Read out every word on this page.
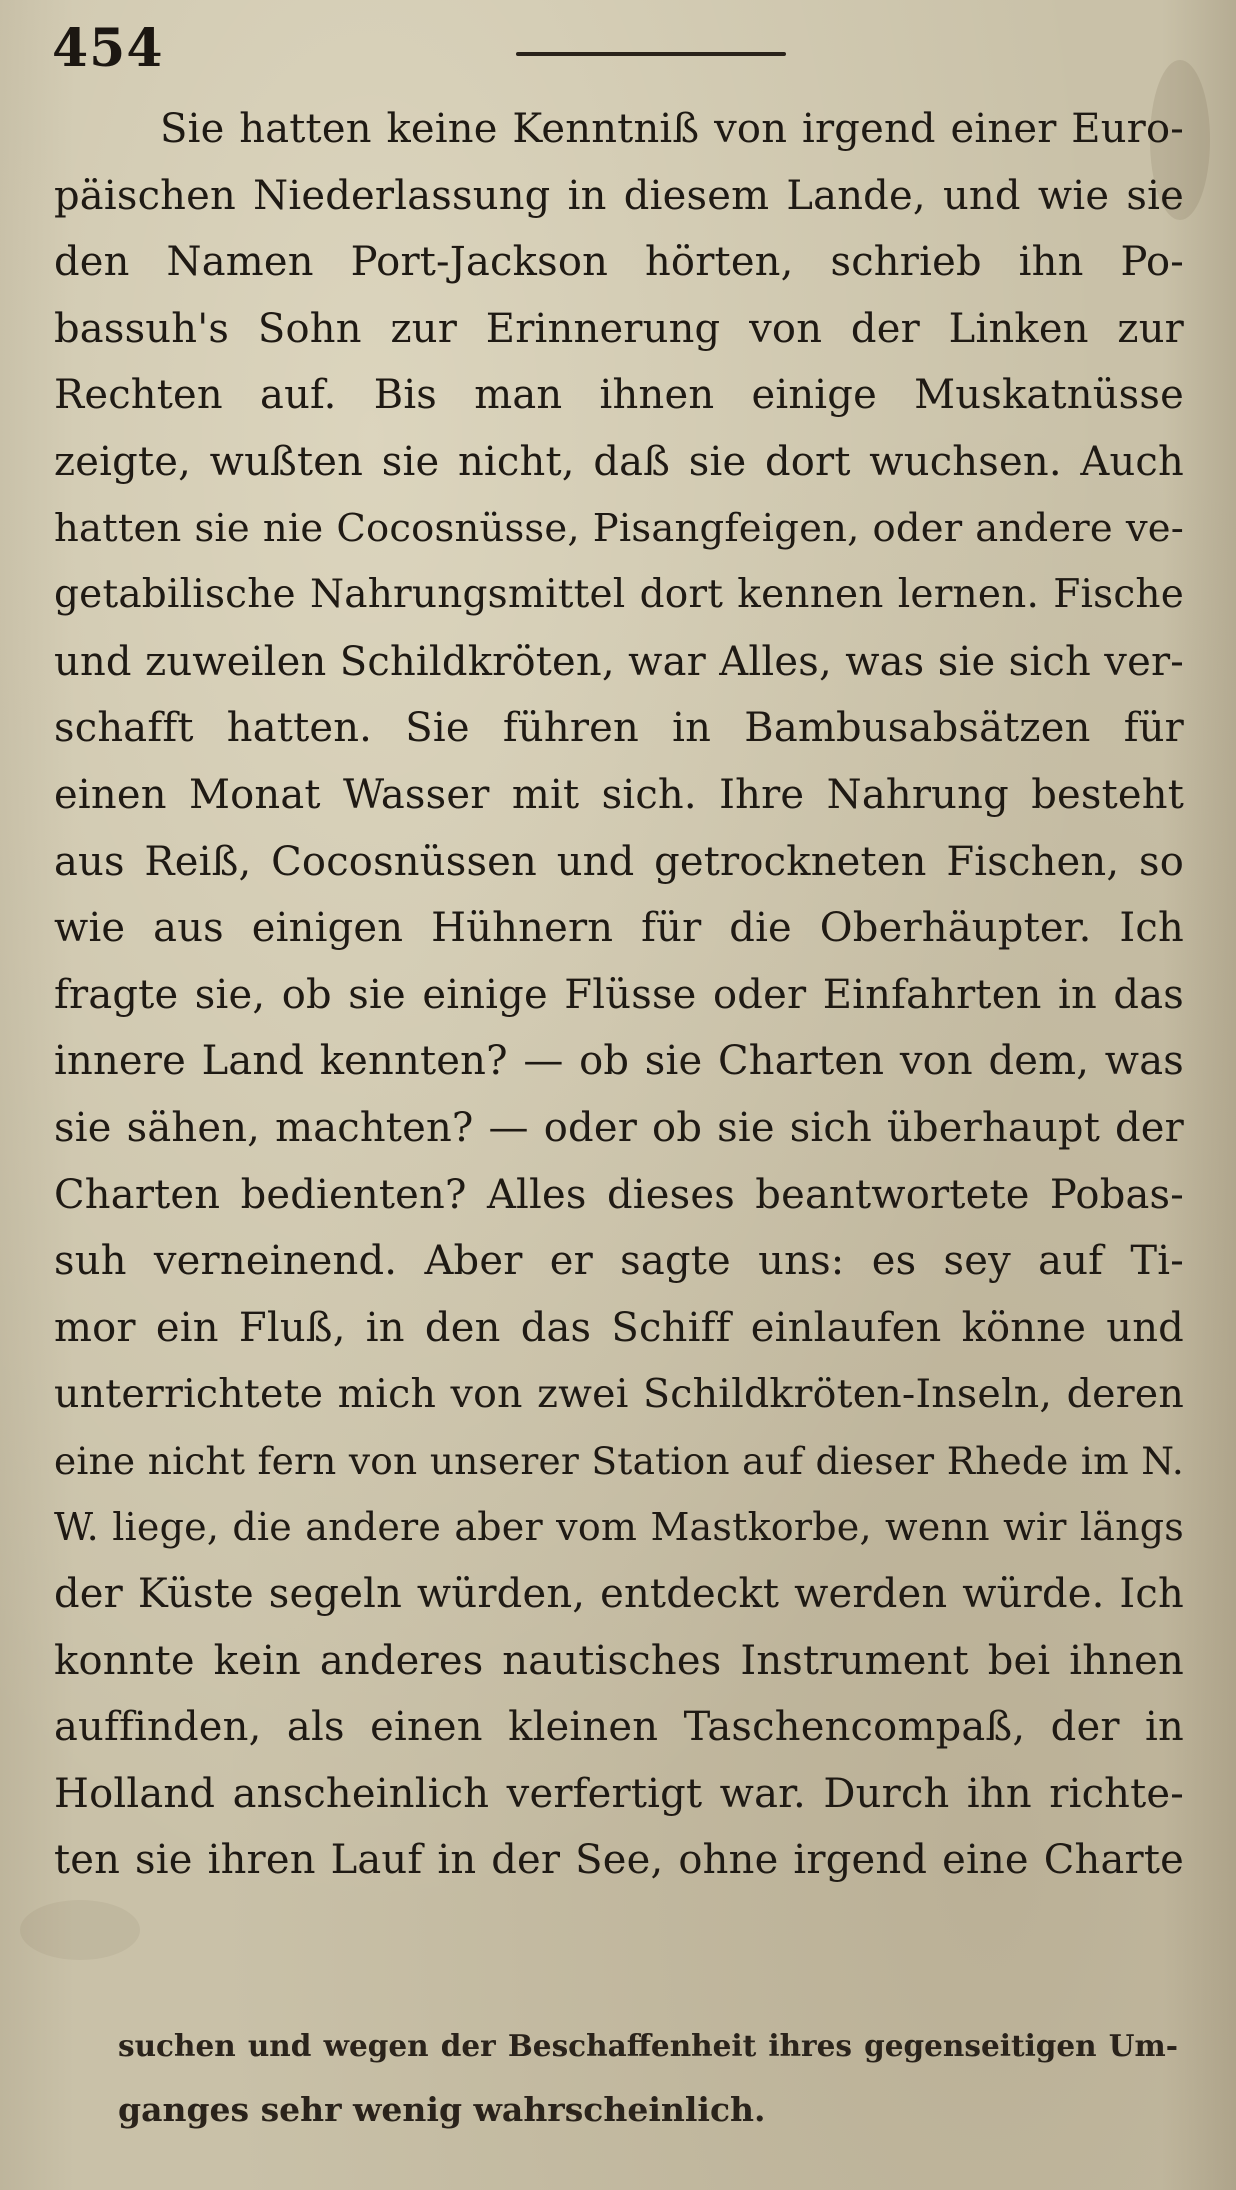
454
Sie hatten keine Kenntniß von irgend einer Euro-
päischen Niederlassung in diesem Lande, und wie sie
den Namen Port-Jackson hörten, schrieb ihn Po-
bassuh's Sohn zur Erinnerung von der Linken zur
Rechten auf. Bis man ihnen einige Muskatnüsse
zeigte, wußten sie nicht, daß sie dort wuchsen. Auch
hatten sie nie Cocosnüsse, Pisangfeigen, oder andere ve-
getabilische Nahrungsmittel dort kennen lernen. Fische
und zuweilen Schildkröten, war Alles, was sie sich ver-
schafft hatten. Sie führen in Bambusabsätzen für
einen Monat Wasser mit sich. Ihre Nahrung besteht
aus Reiß, Cocosnüssen und getrockneten Fischen, so
wie aus einigen Hühnern für die Oberhäupter. Ich
fragte sie, ob sie einige Flüsse oder Einfahrten in das
innere Land kennten? — ob sie Charten von dem, was
sie sähen, machten? — oder ob sie sich überhaupt der
Charten bedienten? Alles dieses beantwortete Pobas-
suh verneinend. Aber er sagte uns: es sey auf Ti-
mor ein Fluß, in den das Schiff einlaufen könne und
unterrichtete mich von zwei Schildkröten-Inseln, deren
eine nicht fern von unserer Station auf dieser Rhede im N.
W. liege, die andere aber vom Mastkorbe, wenn wir längs
der Küste segeln würden, entdeckt werden würde. Ich
konnte kein anderes nautisches Instrument bei ihnen
auffinden, als einen kleinen Taschencompaß, der in
Holland anscheinlich verfertigt war. Durch ihn richte-
ten sie ihren Lauf in der See, ohne irgend eine Charte
suchen und wegen der Beschaffenheit ihres gegenseitigen Um-
ganges sehr wenig wahrscheinlich.
